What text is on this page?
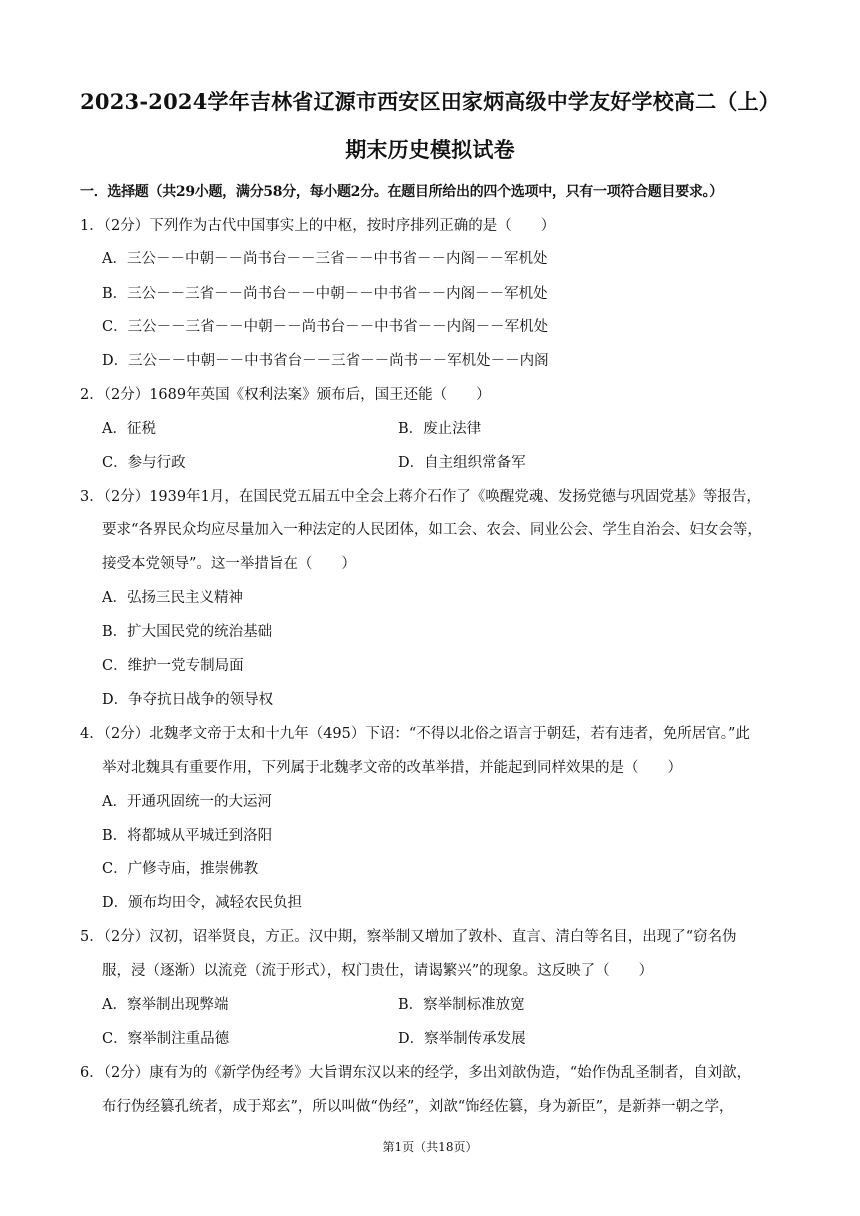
2023-2024学年吉林省辽源市西安区田家炳高级中学友好学校高二（上）
期末历史模拟试卷
一．选择题（共29小题，满分58分，每小题2分。在题目所给出的四个选项中，只有一项符合题目要求。）
1．（2分）下列作为古代中国事实上的中枢，按时序排列正确的是（　　）
A．三公－－中朝－－尚书台－－三省－－中书省－－内阁－－军机处
B．三公－－三省－－尚书台－－中朝－－中书省－－内阁－－军机处
C．三公－－三省－－中朝－－尚书台－－中书省－－内阁－－军机处
D．三公－－中朝－－中书省台－－三省－－尚书－－军机处－－内阁
2．（2分）1689年英国《权利法案》颁布后，国王还能（　　）
A．征税	B．废止法律
C．参与行政	D．自主组织常备军
3．（2分）1939年1月，在国民党五届五中全会上蒋介石作了《唤醒党魂、发扬党德与巩固党基》等报告，
要求“各界民众均应尽量加入一种法定的人民团体，如工会、农会、同业公会、学生自治会、妇女会等，
接受本党领导”。这一举措旨在（　　）
A．弘扬三民主义精神
B．扩大国民党的统治基础
C．维护一党专制局面
D．争夺抗日战争的领导权
4．（2分）北魏孝文帝于太和十九年（495）下诏：“不得以北俗之语言于朝廷，若有违者，免所居官。”此
举对北魏具有重要作用，下列属于北魏孝文帝的改革举措，并能起到同样效果的是（　　）
A．开通巩固统一的大运河
B．将都城从平城迁到洛阳
C．广修寺庙，推崇佛教
D．颁布均田令，减轻农民负担
5．（2分）汉初，诏举贤良，方正。汉中期，察举制又增加了敦朴、直言、清白等名目，出现了“窃名伪
服，浸（逐渐）以流竞（流于形式），权门贵仕，请谒繁兴”的现象。这反映了（　　）
A．察举制出现弊端	B．察举制标准放宽
C．察举制注重品德	D．察举制传承发展
6．（2分）康有为的《新学伪经考》大旨谓东汉以来的经学，多出刘歆伪造，“始作伪乱圣制者，自刘歆，
布行伪经篡孔统者，成于郑玄”，所以叫做“伪经”，刘歆“饰经佐篡，身为新臣”，是新莽一朝之学，
第1页（共18页）
